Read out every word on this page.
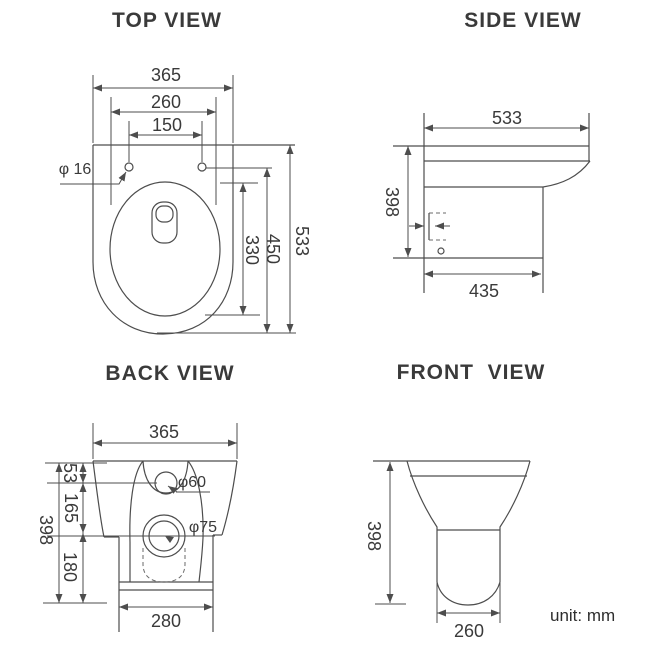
TOP VIEW	SIDE VIEW
BACK VIEW	FRONT  VIEW
unit: mm
365
260
150
φ 16
330 450 533
533
398
435
365
398
53
165
180
φ60
φ75
280
398
260
